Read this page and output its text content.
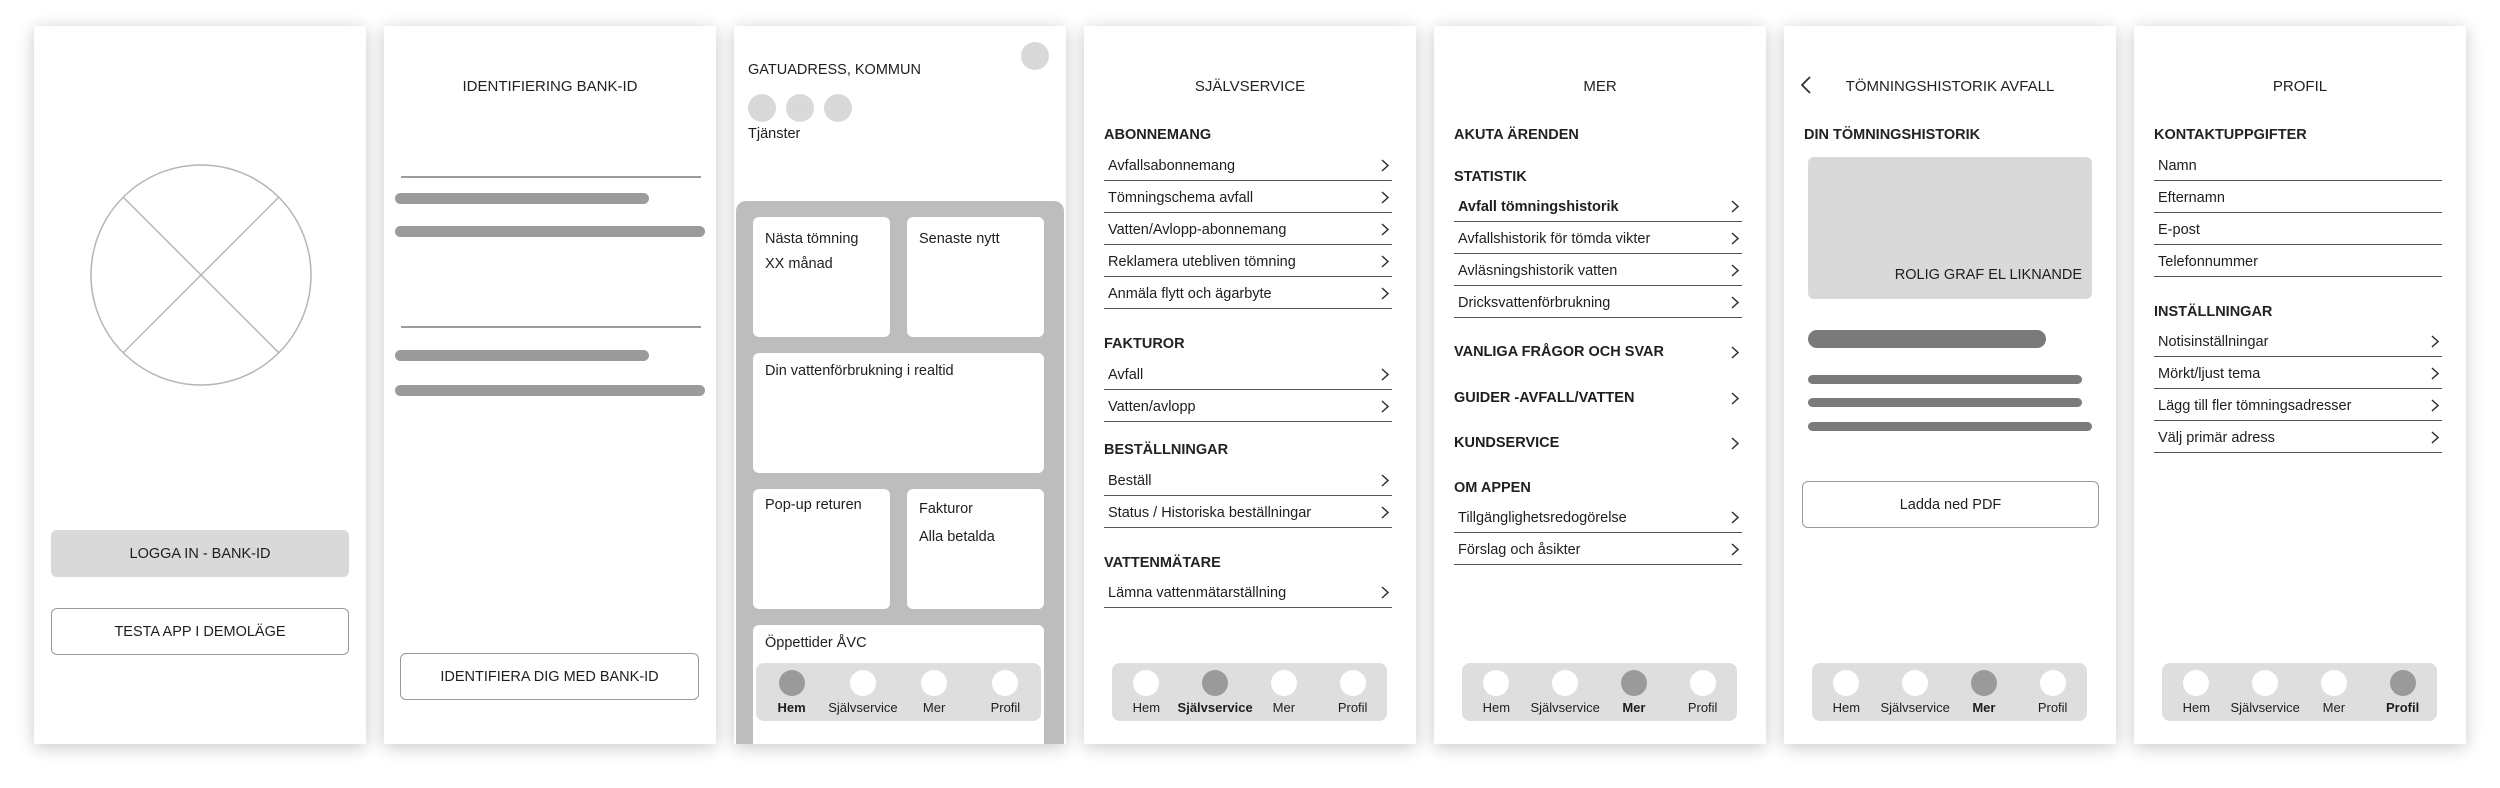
LOGGA IN - BANK-ID
TESTA APP I DEMOLÄGE
IDENTIFIERING BANK-ID
IDENTIFIERA DIG MED BANK-ID
GATUADRESS, KOMMUN
Tjänster
Nästa tömning
XX månad
Senaste nytt
Din vattenförbrukning i realtid
Pop-up returen	Fakturor
Alla betalda
Öppettider ÅVC
Hem Självservice Mer	Profil
SJÄLVSERVICE
ABONNEMANG
Avfallsabonnemang
Tömningschema avfall
Vatten/Avlopp-abonnemang
Reklamera utebliven tömning
Anmäla flytt och ägarbyte
FAKTUROR
Avfall
Vatten/avlopp
BESTÄLLNINGAR
Beställ
Status / Historiska beställningar
VATTENMÄTARE
Lämna vattenmätarställning
Hem Självservice Mer	Profil
MER
AKUTA ÄRENDEN
STATISTIK
Avfall tömningshistorik
Avfallshistorik för tömda vikter
Avläsningshistorik vatten
Dricksvattenförbrukning
VANLIGA FRÅGOR OCH SVAR
GUIDER -AVFALL/VATTEN
KUNDSERVICE
OM APPEN
Tillgänglighetsredogörelse
Förslag och åsikter
Hem Självservice Mer	Profil
TÖMNINGSHISTORIK AVFALL
DIN TÖMNINGSHISTORIK
ROLIG GRAF EL LIKNANDE
Ladda ned PDF
Hem Självservice Mer	Profil
PROFIL
KONTAKTUPPGIFTER
Namn
Efternamn
E-post
Telefonnummer
INSTÄLLNINGAR
Notisinställningar
Mörkt/ljust tema
Lägg till fler tömningsadresser
Välj primär adress
Hem Självservice Mer	Profil
